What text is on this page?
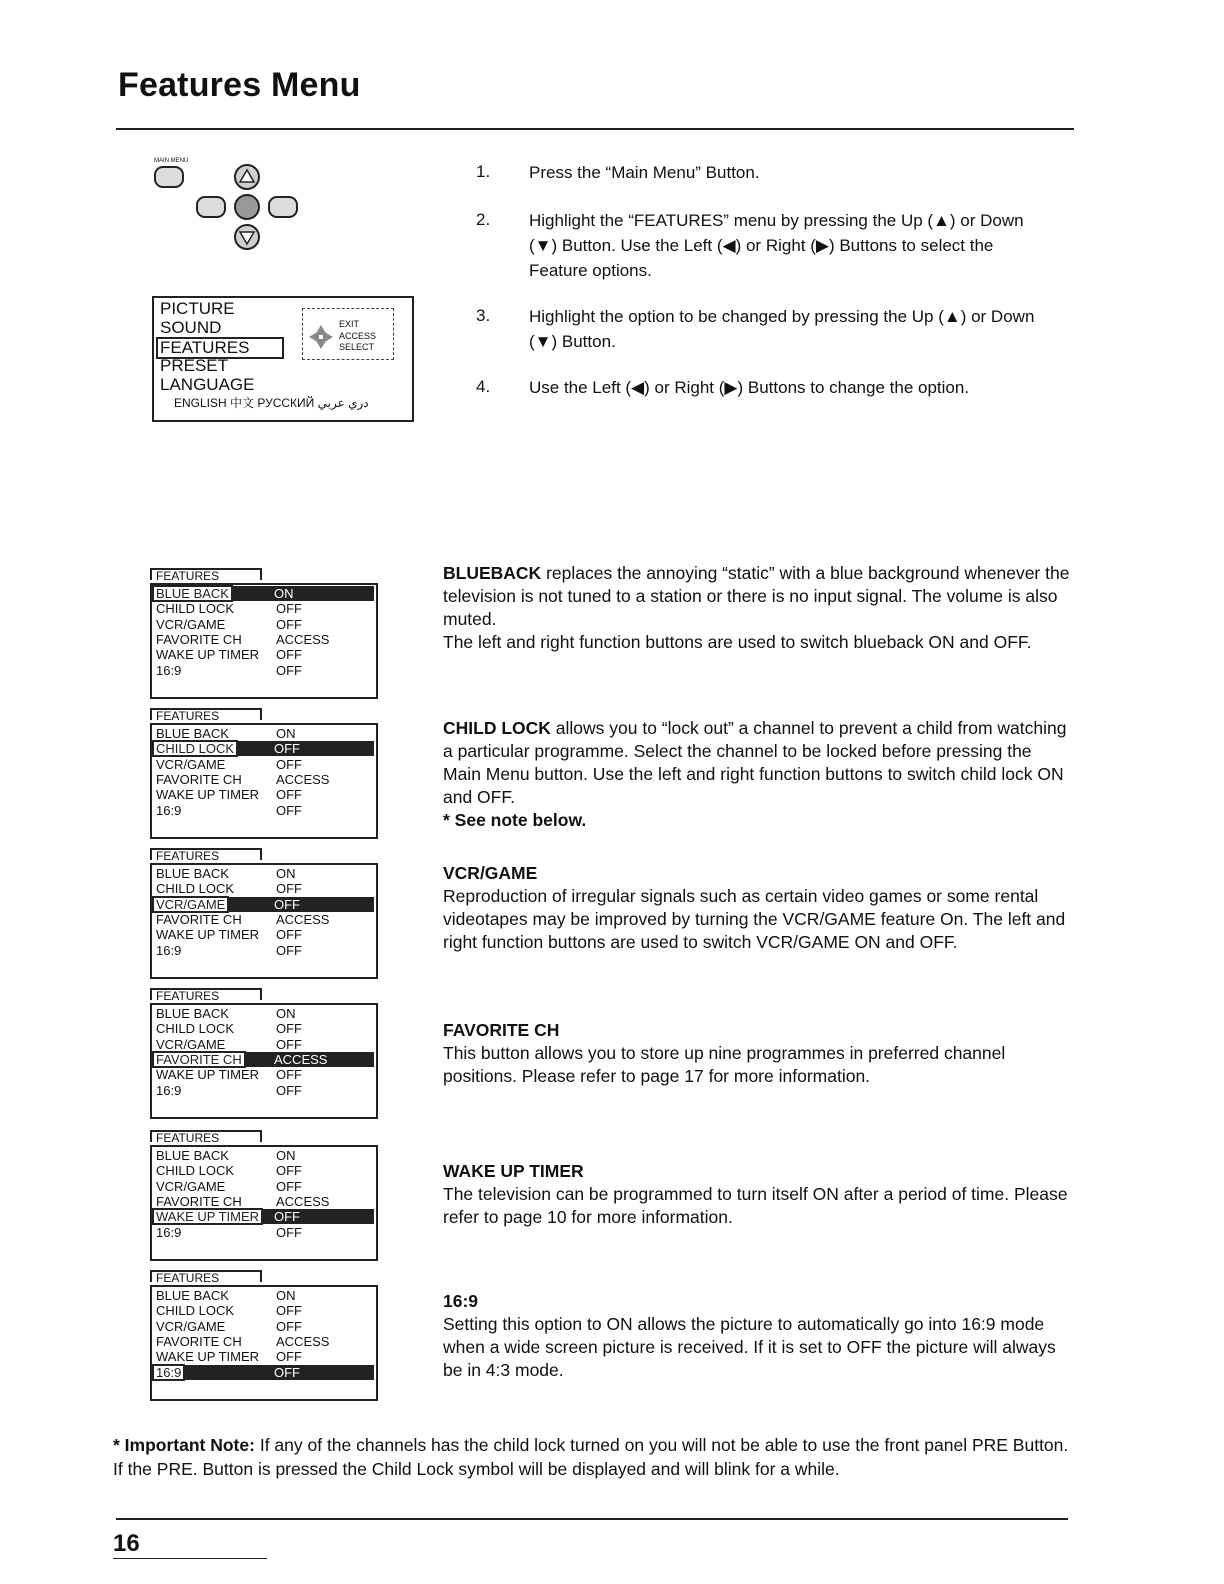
Features Menu
MAIN MENU
PICTURE
SOUND
FEATURES
PRESET
LANGUAGE
ENGLISH 中文 РУССКИЙ دري عربي
EXIT
ACCESS
SELECT
1. Press the “Main Menu” Button.
2. Highlight the “FEATURES” menu by pressing the Up (▲) or Down (▼) Button. Use the Left (◀) or Right (▶) Buttons to select the Feature options.
3. Highlight the option to be changed by pressing the Up (▲) or Down (▼) Button.
4. Use the Left (◀) or Right (▶) Buttons to change the option.
FEATURES
BLUE BACK	ON
CHILD LOCK	OFF
VCR/GAME	OFF
FAVORITE CH	ACCESS
WAKE UP TIMER OFF
16:9	OFF
FEATURES
BLUE BACK	ON
CHILD LOCK	OFF
VCR/GAME	OFF
FAVORITE CH	ACCESS
WAKE UP TIMER OFF
16:9	OFF
FEATURES
BLUE BACK	ON
CHILD LOCK	OFF
VCR/GAME	OFF
FAVORITE CH	ACCESS
WAKE UP TIMER OFF
16:9	OFF
FEATURES
BLUE BACK	ON
CHILD LOCK	OFF
VCR/GAME	OFF
FAVORITE CH ACCESS
WAKE UP TIMER OFF
16:9	OFF
FEATURES
BLUE BACK	ON
CHILD LOCK	OFF
VCR/GAME	OFF
FAVORITE CH	ACCESS
WAKE UP TIMER OFF
16:9	OFF
FEATURES
BLUE BACK	ON
CHILD LOCK	OFF
VCR/GAME	OFF
FAVORITE CH	ACCESS
WAKE UP TIMER OFF
16:9	OFF

BLUEBACK replaces the annoying “static” with a blue background whenever the television is not tuned to a station or there is no input signal. The volume is also muted.

The left and right function buttons are used to switch blueback ON and OFF.

CHILD LOCK allows you to “lock out” a channel to prevent a child from watching a particular programme. Select the channel to be locked before pressing the Main Menu button. Use the left and right function buttons to switch child lock ON and OFF.

* See note below.

VCR/GAME

Reproduction of irregular signals such as certain video games or some rental videotapes may be improved by turning the VCR/GAME feature On. The left and right function buttons are used to switch VCR/GAME ON and OFF.

FAVORITE CH

This button allows you to store up nine programmes in preferred channel positions. Please refer to page 17 for more information.

WAKE UP TIMER

The television can be programmed to turn itself ON after a period of time. Please refer to page 10 for more information.

16:9

Setting this option to ON allows the picture to automatically go into 16:9 mode when a wide screen picture is received. If it is set to OFF the picture will always be in 4:3 mode.

* Important Note: If any of the channels has the child lock turned on you will not be able to use the front panel PRE Button. If the PRE. Button is pressed the Child Lock symbol will be displayed and will blink for a while.
16
